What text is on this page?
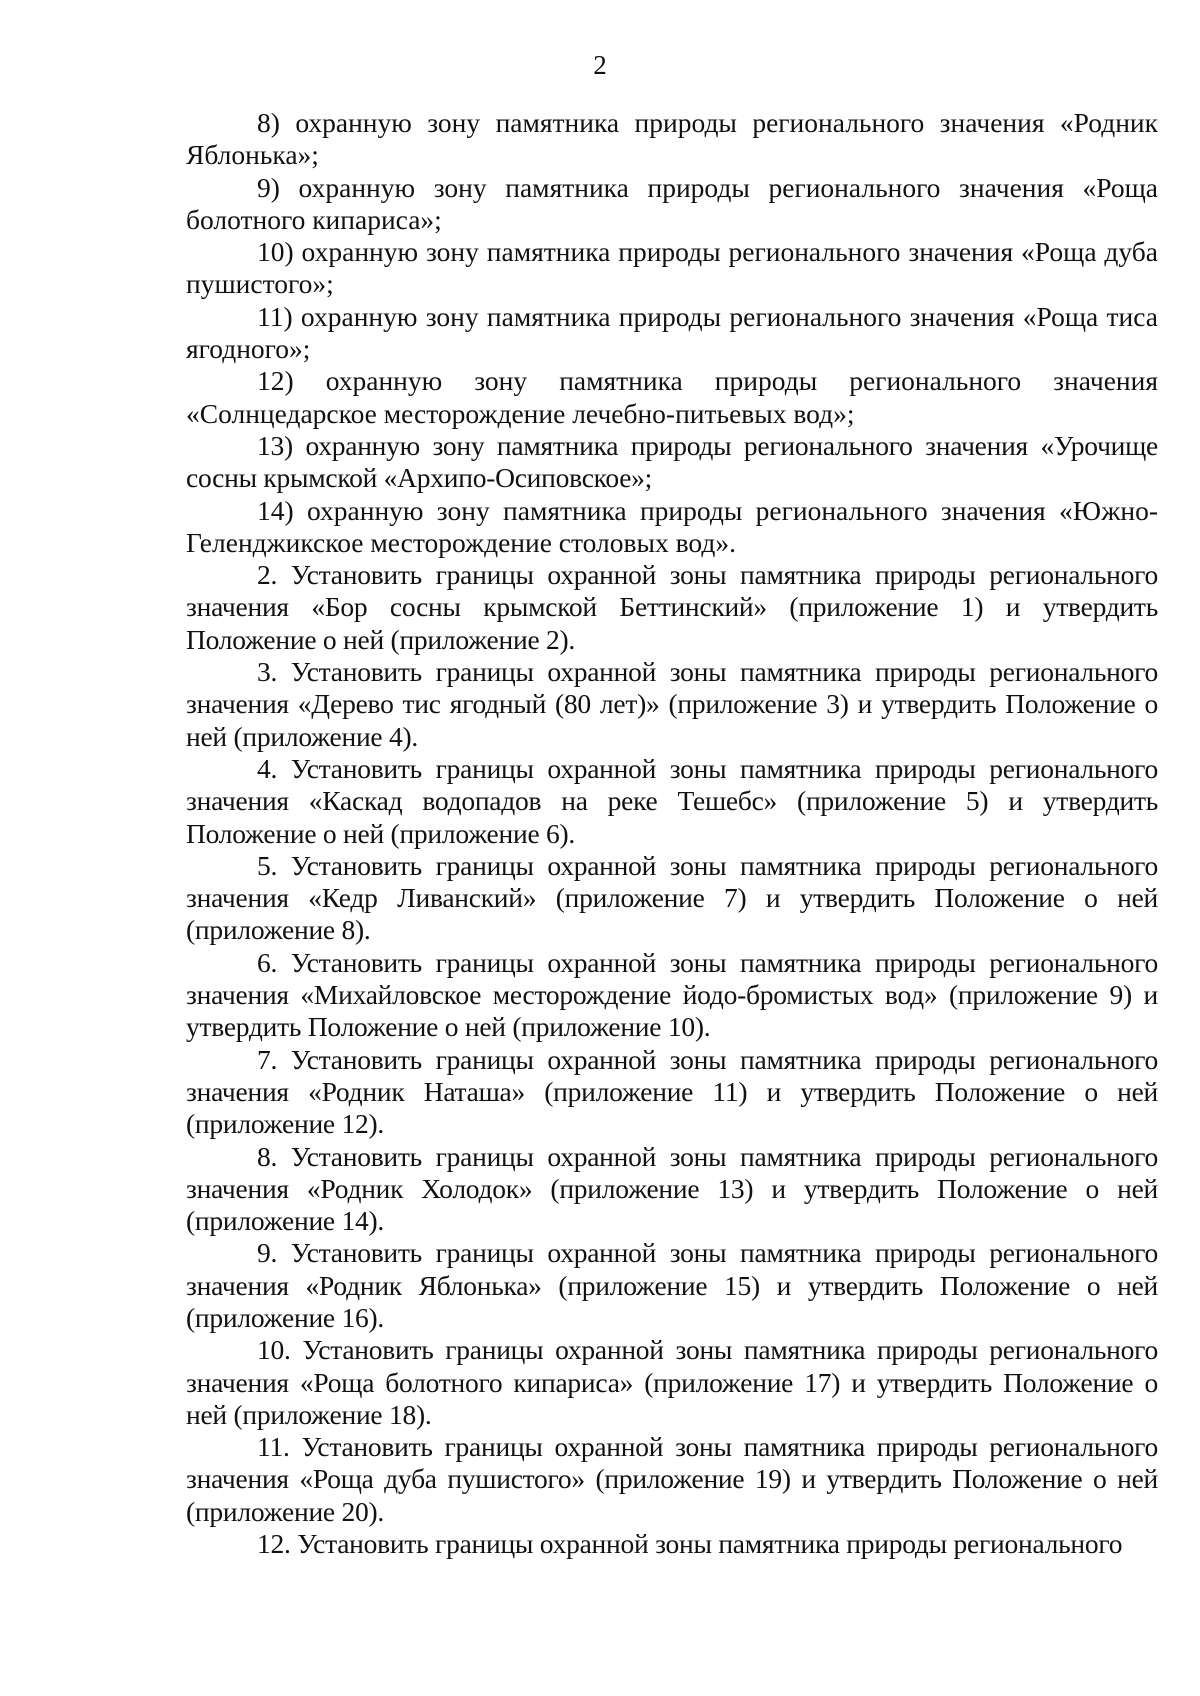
2

8) охранную зону памятника природы регионального значения «Родник Яблонька»;

9) охранную зону памятника природы регионального значения «Роща болотного кипариса»;

10) охранную зону памятника природы регионального значения «Роща дуба пушистого»;

11) охранную зону памятника природы регионального значения «Роща тиса ягодного»;

12) охранную зону памятника природы регионального значения «Солнцедарское месторождение лечебно-питьевых вод»;

13) охранную зону памятника природы регионального значения «Урочище сосны крымской «Архипо-Осиповское»;

14) охранную зону памятника природы регионального значения «Южно-Геленджикское месторождение столовых вод».

2. Установить границы охранной зоны памятника природы регионального значения «Бор сосны крымской Беттинский» (приложение 1) и утвердить Положение о ней (приложение 2).

3. Установить границы охранной зоны памятника природы регионального значения «Дерево тис ягодный (80 лет)» (приложение 3) и утвердить Положение о ней (приложение 4).

4. Установить границы охранной зоны памятника природы регионального значения «Каскад водопадов на реке Тешебс» (приложение 5) и утвердить Положение о ней (приложение 6).

5. Установить границы охранной зоны памятника природы регионального значения «Кедр Ливанский» (приложение 7) и утвердить Положение о ней (приложение 8).

6. Установить границы охранной зоны памятника природы регионального значения «Михайловское месторождение йодо-бромистых вод» (приложение 9) и утвердить Положение о ней (приложение 10).

7. Установить границы охранной зоны памятника природы регионального значения «Родник Наташа» (приложение 11) и утвердить Положение о ней (приложение 12).

8. Установить границы охранной зоны памятника природы регионального значения «Родник Холодок» (приложение 13) и утвердить Положение о ней (приложение 14).

9. Установить границы охранной зоны памятника природы регионального значения «Родник Яблонька» (приложение 15) и утвердить Положение о ней (приложение 16).

10. Установить границы охранной зоны памятника природы регионального значения «Роща болотного кипариса» (приложение 17) и утвердить Положение о ней (приложение 18).

11. Установить границы охранной зоны памятника природы регионального значения «Роща дуба пушистого» (приложение 19) и утвердить Положение о ней (приложение 20).

12. Установить границы охранной зоны памятника природы регионального
